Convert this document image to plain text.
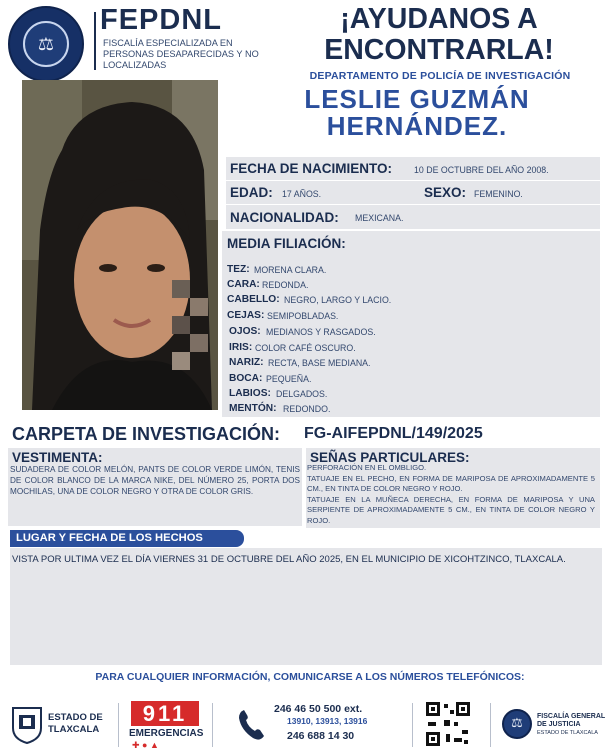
⚖
FEPDNL
FISCALÍA ESPECIALIZADA EN PERSONAS DESAPARECIDAS Y NO LOCALIZADAS
¡AYUDANOS A
ENCONTRARLA!
DEPARTAMENTO DE POLICÍA DE INVESTIGACIÓN
LESLIE GUZMÁN
HERNÁNDEZ.
FECHA DE NACIMIENTO:	10 DE OCTUBRE DEL AÑO 2008.
EDAD: 17 AÑOS.	SEXO: FEMENINO.
NACIONALIDAD: MEXICANA.
MEDIA FILIACIÓN:
TEZ: MORENA CLARA.
CARA: REDONDA.
CABELLO: NEGRO, LARGO Y LACIO.
CEJAS: SEMIPOBLADAS.
OJOS: MEDIANOS Y RASGADOS.
IRIS: COLOR CAFÉ OSCURO.
NARIZ: RECTA, BASE MEDIANA.
BOCA: PEQUEÑA.
LABIOS: DELGADOS.
MENTÓN: REDONDO.
CARPETA DE INVESTIGACIÓN: FG-AIFEPDNL/149/2025
VESTIMENTA:
SUDADERA DE COLOR MELÓN, PANTS DE COLOR VERDE LIMÓN, TENIS DE COLOR BLANCO DE LA MARCA NIKE, DEL NÚMERO 25, PORTA DOS MOCHILAS, UNA DE COLOR NEGRO Y OTRA DE COLOR GRIS.
SEÑAS PARTICULARES:
PERFORACIÓN EN EL OMBLIGO.
TATUAJE EN EL PECHO, EN FORMA DE MARIPOSA DE APROXIMADAMENTE 5 CM., EN TINTA DE COLOR NEGRO Y ROJO.
TATUAJE EN LA MUÑECA DERECHA, EN FORMA DE MARIPOSA Y UNA SERPIENTE DE APROXIMADAMENTE 5 CM., EN TINTA DE COLOR NEGRO Y ROJO.
LUGAR Y FECHA DE LOS HECHOS
VISTA POR ULTIMA VEZ EL DÍA VIERNES 31 DE OCTUBRE DEL AÑO 2025, EN EL MUNICIPIO DE XICOHTZINCO, TLAXCALA.
PARA CUALQUIER INFORMACIÓN, COMUNICARSE A LOS NÚMEROS TELEFÓNICOS:
ESTADO DE
TLAXCALA
911
EMERGENCIAS
✚ ● ▲
246 46 50 500 ext.
13910, 13913, 13916
246 688 14 30
⚖	FISCALÍA GENERAL
DE JUSTICIA
ESTADO DE TLAXCALA
